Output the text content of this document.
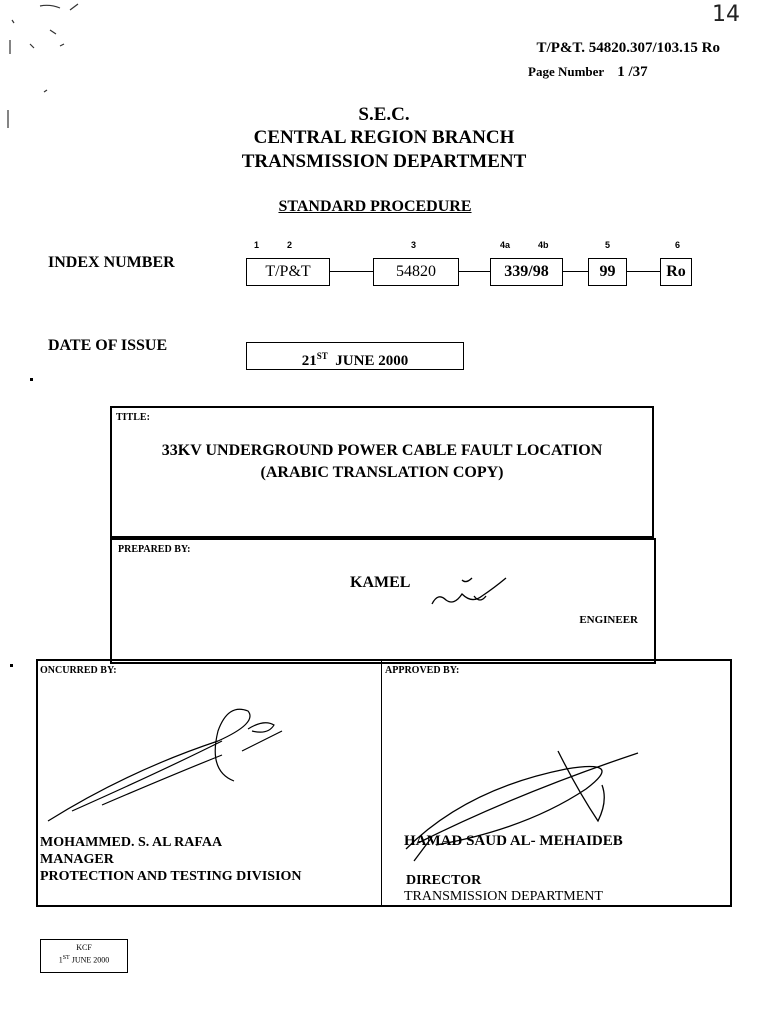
14
T/P&T. 54820.307/103.15 Ro
Page Number 1 /37
S.E.C.
CENTRAL REGION BRANCH
TRANSMISSION DEPARTMENT
STANDARD PROCEDURE
INDEX NUMBER
1	2	3	4a	4b	5	6
T/P&T	54820	339/98	99	Ro
DATE OF ISSUE
21ST JUNE 2000
TITLE:
33KV UNDERGROUND POWER CABLE FAULT LOCATION
(ARABIC TRANSLATION COPY)
PREPARED BY:
KAMEL
ENGINEER
ONCURRED BY:
MOHAMMED. S. AL RAFAA
MANAGER
PROTECTION AND TESTING DIVISION
APPROVED BY:
HAMAD SAUD AL- MEHAIDEB
DIRECTOR
TRANSMISSION DEPARTMENT
KCF
1ST JUNE 2000
